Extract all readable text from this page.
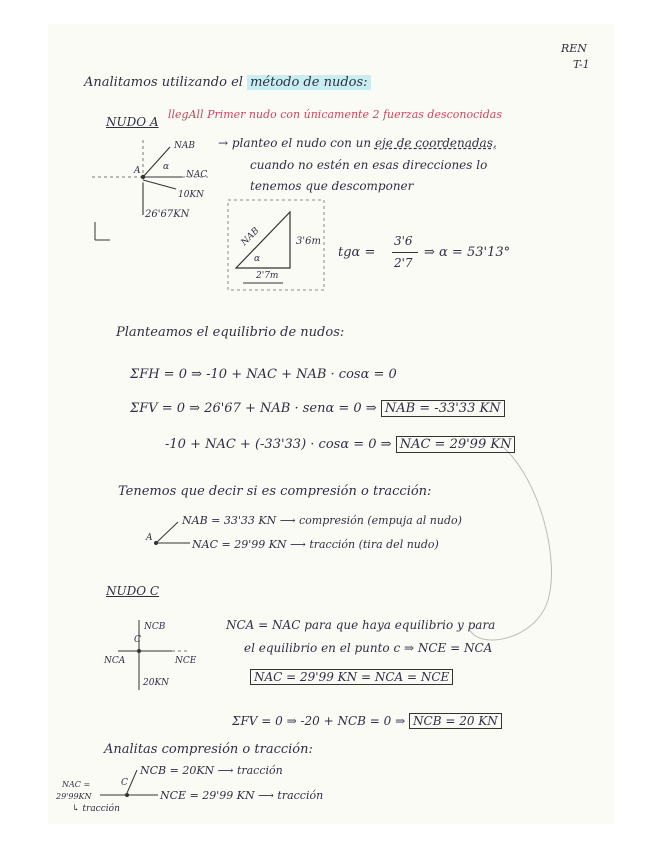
REN
T-1
Analitamos utilizando el método de nudos:
NUDO A
llegAll Primer nudo con únicamente 2 fuerzas desconocidas
→ planteo el nudo con un eje de coordenadas,
cuando no estén en esas direcciones lo
tenemos que descomponer
NAB
NAC
A	α
10KN
26'67KN
NAB	3'6m
2'7m
α	tgα =
3'6
2'7
⇒ α = 53'13°
Planteamos el equilibrio de nudos:
ΣFH = 0 ⇒ -10 + NAC + NAB · cosα = 0
ΣFV = 0 ⇒ 26'67 + NAB · senα = 0 ⇒ NAB = -33'33 KN
-10 + NAC + (-33'33) · cosα = 0 ⇒ NAC = 29'99 KN
Tenemos que decir si es compresión o tracción:
A
NAB = 33'33 KN ⟶ compresión (empuja al nudo)
NAC = 29'99 KN ⟶ tracción (tira del nudo)
NUDO C
NCB
NCA	NCE
C
20KN
NCA = NAC para que haya equilibrio y para
el equilibrio en el punto c ⇒ NCE = NCA
NAC = 29'99 KN = NCA = NCE
ΣFV = 0 ⇒ -20 + NCB = 0 ⇒ NCB = 20 KN
Analitas compresión o tracción:
C
NCB = 20KN ⟶ tracción
NCE = 29'99 KN ⟶ tracción
NAC =
29'99KN
↳ tracción
